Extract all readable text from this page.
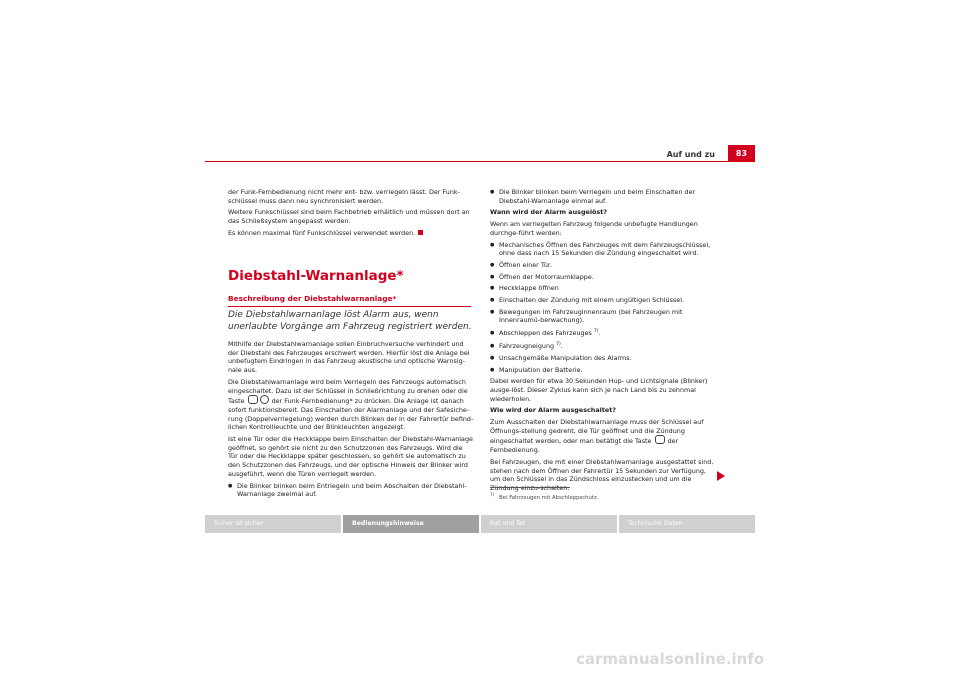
Auf und zu	83

der Funk-Fernbedienung nicht mehr ent- bzw. verriegeln lässt. Der Funk-schlüssel muss dann neu synchronisiert werden.

Weitere Funkschlüssel sind beim Fachbetrieb erhältlich und müssen dort an das Schließsystem angepasst werden.

Es können maximal fünf Funkschlüssel verwendet werden.

Diebstahl-Warnanlage*
Beschreibung der Diebstahlwarnanlage*
Die Diebstahlwarnanlage löst Alarm aus, wenn unerlaubte Vorgänge am Fahrzeug registriert werden.

Mithilfe der Diebstahlwarnanlage sollen Einbruchversuche verhindert und der Diebstahl des Fahrzeuges erschwert werden. Hierfür löst die Anlage bei unbefugtem Eindringen in das Fahrzeug akustische und optische Warnsig-nale aus.

Die Diebstahlwarnanlage wird beim Verriegeln des Fahrzeugs automatisch eingeschaltet. Dazu ist der Schlüssel in Schließrichtung zu drehen oder die Taste	der Funk-Fernbedienung* zu drücken. Die Anlage ist danach sofort funktionsbereit. Das Einschalten der Alarmanlage und der Safesiche-rung (Doppelverriegelung) werden durch Blinken der in der Fahrertür befind-lichen Kontrollleuchte und der Blinkleuchten angezeigt.

Ist eine Tür oder die Heckklappe beim Einschalten der Diebstahl-Warnanlage geöffnet, so gehört sie nicht zu den Schutzzonen des Fahrzeugs. Wird die Tür oder die Heckklappe später geschlossen, so gehört sie automatisch zu den Schutzzonen des Fahrzeugs, und der optische Hinweis der Blinker wird ausgeführt, wenn die Türen verriegelt werden.

● Die Blinker blinken beim Entriegeln und beim Abschalten der Diebstahl-Warnanlage zweimal auf.
● Die Blinker blinken beim Verriegeln und beim Einschalten der Diebstahl-Warnanlage einmal auf.

Wann wird der Alarm ausgelöst?

Wenn am verriegelten Fahrzeug folgende unbefugte Handlungen durchge-führt werden:

● Mechanisches Öffnen des Fahrzeuges mit dem Fahrzeugschlüssel, ohne dass nach 15 Sekunden die Zündung eingeschaltet wird.
● Öffnen einer Tür.
● Öffnen der Motorraumklappe.
● Heckklappe öffnen
● Einschalten der Zündung mit einem ungültigen Schlüssel.
● Bewegungen im Fahrzeuginnenraum (bei Fahrzeugen mit Innenraumü-berwachung).
● Abschleppen des Fahrzeuges $^{7)}$.
● Fahrzeugneigung $^{7)}$.
● Unsachgemäße Manipulation des Alarms.
● Manipulation der Batterie.

Dabei werden für etwa 30 Sekunden Hup- und Lichtsignale (Blinker) ausge-löst. Dieser Zyklus kann sich je nach Land bis zu zehnmal wiederholen.

Wie wird der Alarm ausgeschaltet?

Zum Ausschalten der Diebstahlwarnanlage muss der Schlüssel auf Öffnungs-stellung gedreht, die Tür geöffnet und die Zündung eingeschaltet werden, oder man betätigt die Taste	der Fernbedienung.

Bei Fahrzeugen, die mit einer Diebstahlwarnanlage ausgestattet sind, stehen nach dem Öffnen der Fahrertür 15 Sekunden zur Verfügung, um den Schlüssel in das Zündschloss einzustecken und um die

$^{7)}$   Bei Fahrzeugen mit Abschleppschutz.
Sicher ist sicher	Bedienungshinweise	Rat und Tat	Technische Daten
carmanualsonline.info
